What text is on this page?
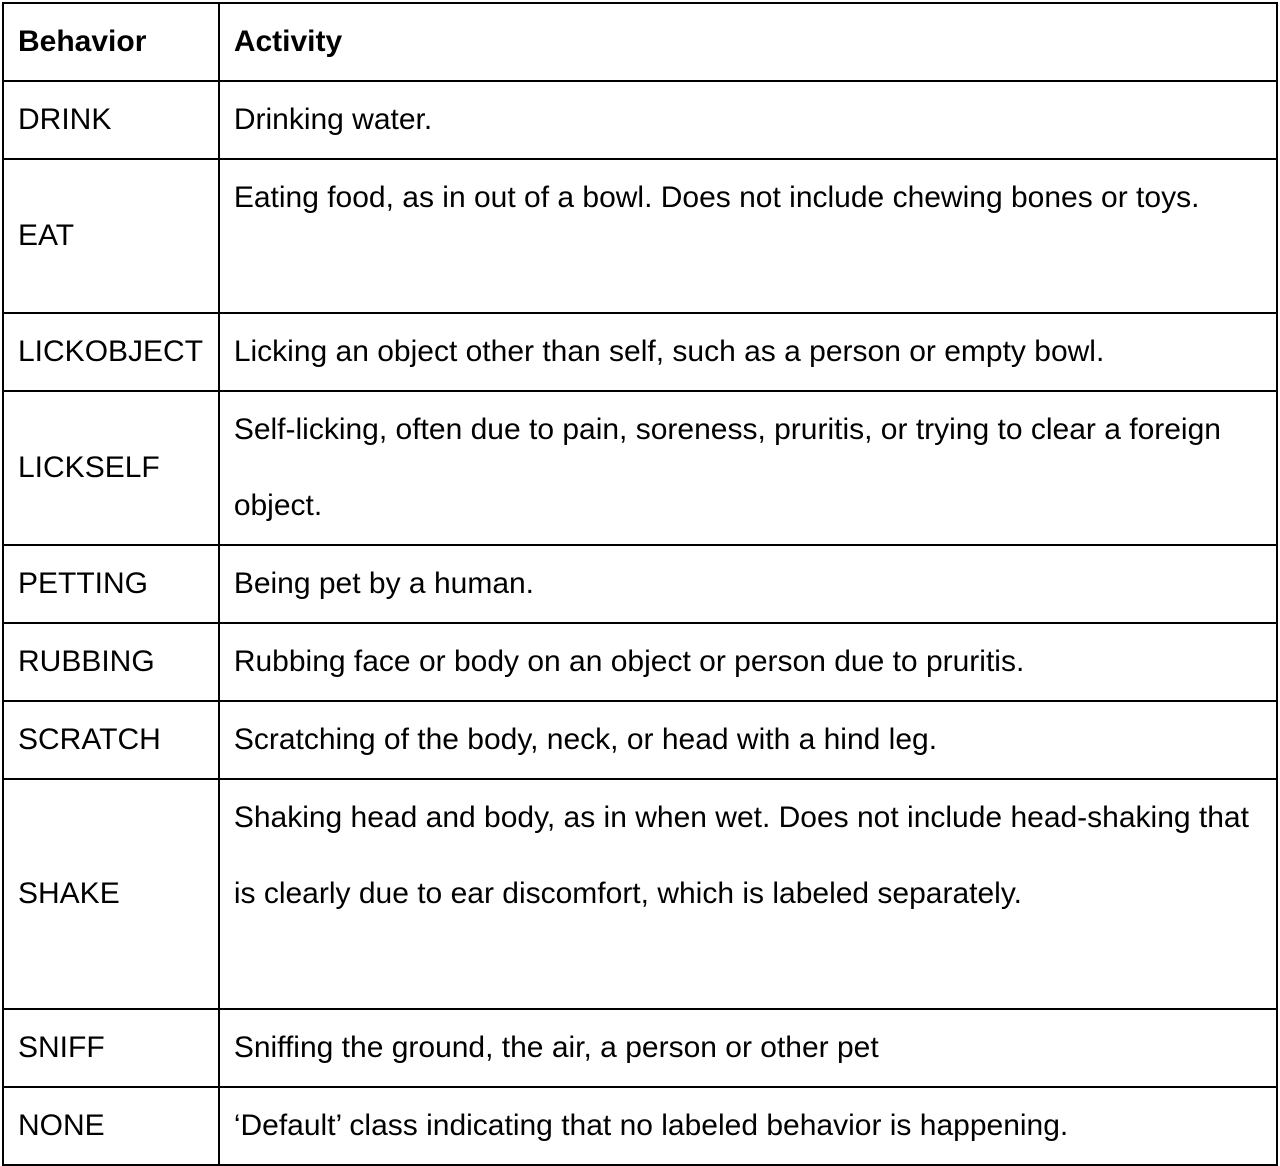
Behavior	Activity
DRINK	Drinking water.
EAT	Eating food, as in out of a bowl. Does not include chewing bones or toys.
LICKOBJECT	Licking an object other than self, such as a person or empty bowl.
LICKSELF	Self-licking, often due to pain, soreness, pruritis, or trying to clear a foreign object.
PETTING	Being pet by a human.
RUBBING	Rubbing face or body on an object or person due to pruritis.
SCRATCH	Scratching of the body, neck, or head with a hind leg.
SHAKE	Shaking head and body, as in when wet. Does not include head-shaking that is clearly due to ear discomfort, which is labeled separately.
SNIFF	Sniffing the ground, the air, a person or other pet
NONE	‘Default’ class indicating that no labeled behavior is happening.
